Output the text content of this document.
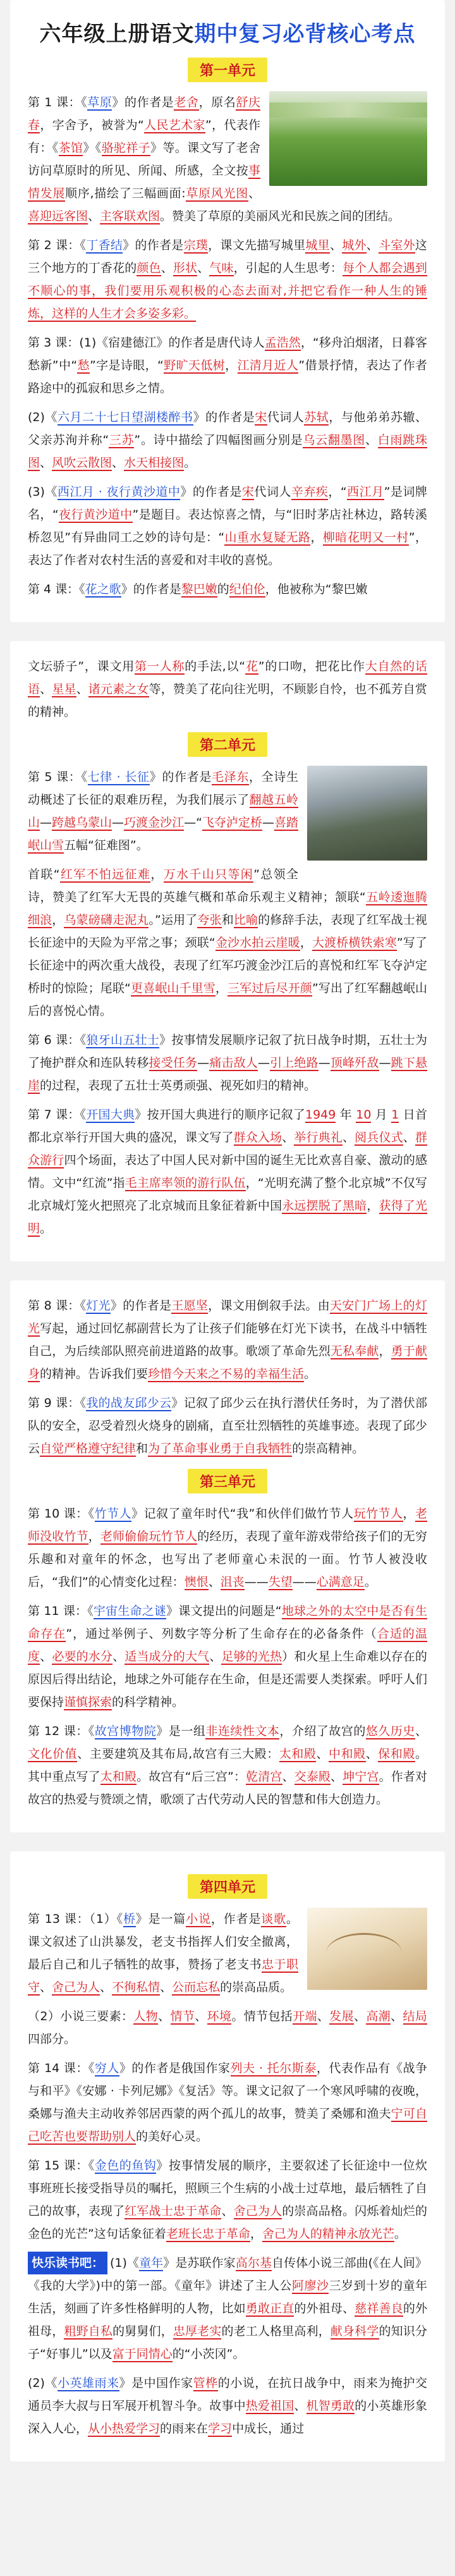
六年级上册语文期中复习必背核心考点
第一单元

第 1 课：《草原》的作者是老舍，原名舒庆春，字舍予，被誉为“人民艺术家”，代表作有：《茶馆》《骆驼祥子》等。课文写了老舍访问草原时的所见、所闻、所感，全文按事情发展顺序,描绘了三幅画面:草原风光图、喜迎远客图、主客联欢图。赞美了草原的美丽风光和民族之间的团结。

第 2 课：《丁香结》的作者是宗璞，课文先描写城里城里、城外、斗室外这三个地方的丁香花的颜色、形状、气味，引起的人生思考：每个人都会遇到不顺心的事，我们要用乐观积极的心态去面对,并把它看作一种人生的锤炼，这样的人生才会多姿多彩。

第 3 课：(1)《宿建德江》的作者是唐代诗人孟浩然，“移舟泊烟渚，日暮客愁新”中“愁”字是诗眼，“野旷天低树，江清月近人”借景抒情，表达了作者路途中的孤寂和思乡之情。

(2)《六月二十七日望湖楼醉书》的作者是宋代词人苏轼，与他弟弟苏辙、父亲苏洵并称“三苏”。诗中描绘了四幅图画分别是乌云翻墨图、白雨跳珠图、风吹云散图、水天相接图。

(3)《西江月 · 夜行黄沙道中》的作者是宋代词人辛弃疾，“西江月”是词牌名，“夜行黄沙道中”是题目。表达惊喜之情，与“旧时茅店社林边，路转溪桥忽见”有异曲同工之妙的诗句是：“山重水复疑无路，柳暗花明又一村”，表达了作者对农村生活的喜爱和对丰收的喜悦。

第 4 课：《花之歌》的作者是黎巴嫩的纪伯伦，他被称为“黎巴嫩

文坛骄子”，课文用第一人称的手法,以“花”的口吻，把花比作大自然的话语、星星、诸元素之女等，赞美了花向往光明，不顾影自怜，也不孤芳自赏的精神。

第二单元

第 5 课：《七律 · 长征》的作者是毛泽东，全诗生动概述了长征的艰难历程，为我们展示了翻越五岭山—跨越乌蒙山—巧渡金沙江—“飞夺泸定桥—喜踏岷山雪五幅“征难图”。

首联“红军不怕远征难，万水千山只等闲”总领全诗，赞美了红军大无畏的英雄气概和革命乐观主义精神；颔联“五岭逶迤腾细浪，乌蒙磅礴走泥丸。”运用了夸张和比喻的修辞手法，表现了红军战士视长征途中的天险为平常之事；颈联“金沙水拍云崖暖，大渡桥横铁索寒”写了长征途中的两次重大战役，表现了红军巧渡金沙江后的喜悦和红军飞夺泸定桥时的惊险；尾联“更喜岷山千里雪，三军过后尽开颜”写出了红军翻越岷山后的喜悦心情。

第 6 课：《狼牙山五壮士》按事情发展顺序记叙了抗日战争时期，五壮士为了掩护群众和连队转移接受任务—痛击敌人—引上绝路—顶峰歼敌—跳下悬崖的过程，表现了五壮士英勇顽强、视死如归的精神。

第 7 课：《开国大典》按开国大典进行的顺序记叙了1949 年 10 月 1 日首都北京举行开国大典的盛况，课文写了群众入场、举行典礼、阅兵仪式、群众游行四个场面，表达了中国人民对新中国的诞生无比欢喜自豪、激动的感情。文中“红流”指毛主席率领的游行队伍，“光明充满了整个北京城”不仅写北京城灯笼火把照亮了北京城而且象征着新中国永远摆脱了黑暗，获得了光明。

第 8 课：《灯光》的作者是王愿坚，课文用倒叙手法。由天安门广场上的灯光写起，通过回忆郝副营长为了让孩子们能够在灯光下读书，在战斗中牺牲自己，为后续部队照亮前进道路的故事。歌颂了革命先烈无私奉献，勇于献身的精神。告诉我们要珍惜今天来之不易的幸福生活。

第 9 课：《我的战友邱少云》记叙了邱少云在执行潜伏任务时，为了潜伏部队的安全，忍受着烈火烧身的剧痛，直至壮烈牺牲的英雄事迹。表现了邱少云自觉严格遵守纪律和为了革命事业勇于自我牺牲的崇高精神。

第三单元

第 10 课：《竹节人》记叙了童年时代“我”和伙伴们做竹节人玩竹节人，老师没收竹节，老师偷偷玩竹节人的经历，表现了童年游戏带给孩子们的无穷乐趣和对童年的怀念，也写出了老师童心未泯的一面。竹节人被没收后，“我们”的心情变化过程：懊恨、沮丧——失望——心满意足。

第 11 课：《宇宙生命之谜》课文提出的问题是“地球之外的太空中是否有生命存在”，通过举例子、列数字等分析了生命存在的必备条件（合适的温度、必要的水分、适当成分的大气、足够的光热）和火星上生命难以存在的原因后得出结论，地球之外可能存在生命，但是还需要人类探索。呼吁人们要保持谨慎探索的科学精神。

第 12 课：《故宫博物院》是一组非连续性文本，介绍了故宫的悠久历史、文化价值、主要建筑及其布局,故宫有三大殿：太和殿、中和殿、保和殿。其中重点写了太和殿。故宫有“后三宫”：乾清宫、交泰殿、坤宁宫。作者对故宫的热爱与赞颂之情，歌颂了古代劳动人民的智慧和伟大创造力。

第四单元

第 13 课：（1）《桥》是一篇小说，作者是谈歌。课文叙述了山洪暴发，老支书指挥人们安全撤离，最后自己和儿子牺牲的故事，赞扬了老支书忠于职守、舍己为人、不徇私情、公而忘私的崇高品质。

（2）小说三要素：人物、情节、环境。情节包括开端、发展、高潮、结局四部分。

第 14 课：《穷人》的作者是俄国作家列夫 · 托尔斯泰，代表作品有《战争与和平》《安娜 · 卡列尼娜》《复活》等。课文记叙了一个寒风呼啸的夜晚，桑娜与渔夫主动收养邻居西蒙的两个孤儿的故事，赞美了桑娜和渔夫宁可自己吃苦也要帮助别人的美好心灵。

第 15 课：《金色的鱼钩》按事情发展的顺序，主要叙述了长征途中一位炊事班班长接受指导员的嘱托，照顾三个生病的小战士过草地，最后牺牲了自己的故事，表现了红军战士忠于革命、舍己为人的崇高品格。闪烁着灿烂的金色的光芒”这句话象征着老班长忠于革命，舍己为人的精神永放光芒。

快乐读书吧： (1)《童年》是苏联作家高尔基自传体小说三部曲(《在人间》《我的大学》)中的第一部。《童年》讲述了主人公阿廖沙三岁到十岁的童年生活，刻画了许多性格鲜明的人物，比如勇敢正直的外祖母、慈祥善良的外祖母，粗野自私的舅舅们，忠厚老实的老工人格里高利，献身科学的知识分子“好事儿”以及富于同情心的“小茨冈”。

(2)《小英雄雨来》是中国作家管桦的小说，在抗日战争中，雨来为掩护交通员李大叔与日军展开机智斗争。故事中热爱祖国、机智勇敢的小英雄形象深入人心，从小热爱学习的雨来在学习中成长，通过
